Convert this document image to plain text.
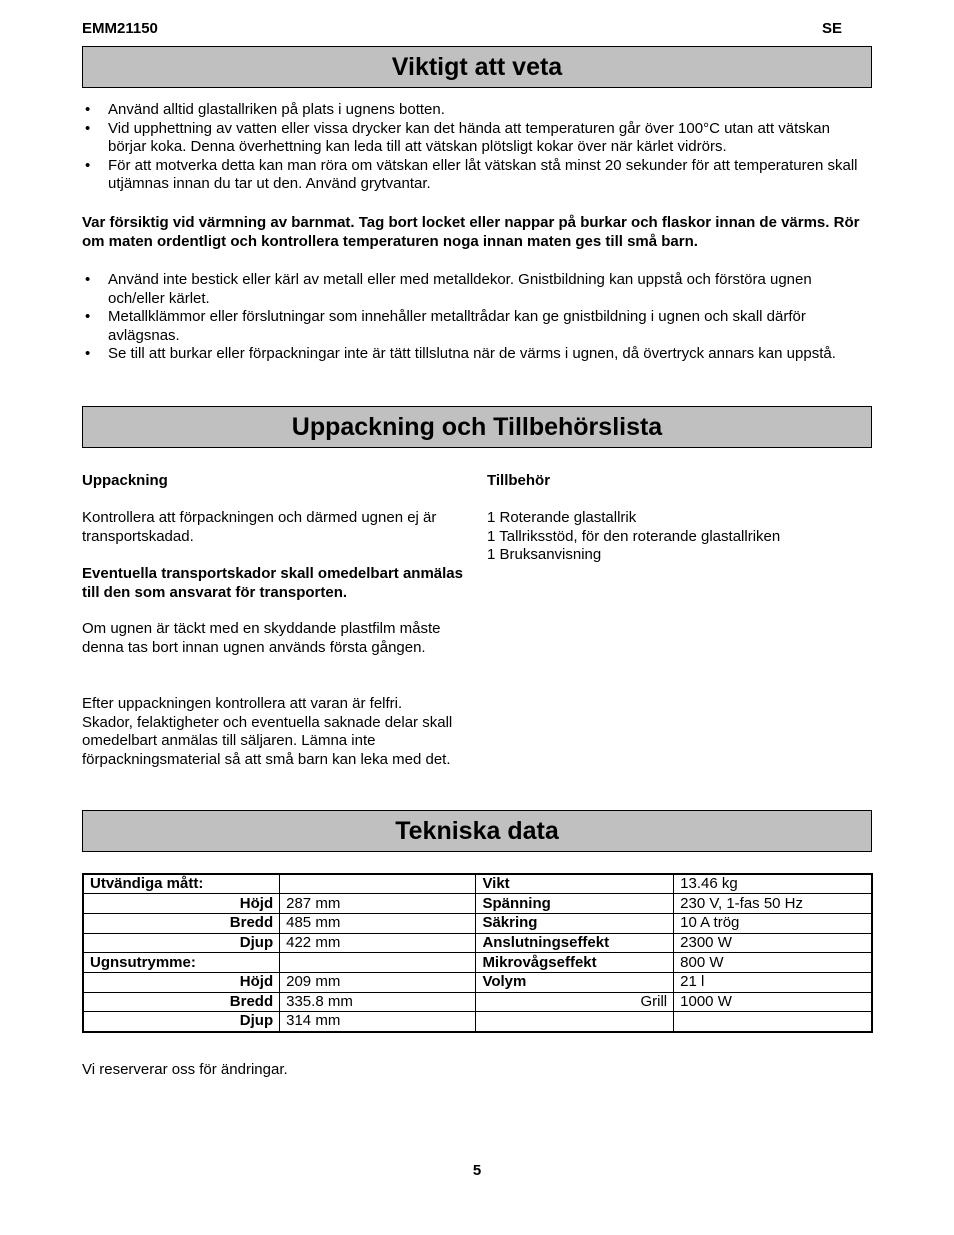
EMM21150	SE
Viktigt att veta
• Använd alltid glastallriken på plats i ugnens botten.
• Vid upphettning av vatten eller vissa drycker kan det hända att temperaturen går över 100°C utan att vätskan börjar koka. Denna överhettning kan leda till att vätskan plötsligt kokar över när kärlet vidrörs.
• För att motverka detta kan man röra om vätskan eller låt vätskan stå minst 20 sekunder för att temperaturen skall utjämnas innan du tar ut den. Använd grytvantar.
Var försiktig vid värmning av barnmat. Tag bort locket eller nappar på burkar och flaskor innan de värms. Rör om maten ordentligt och kontrollera temperaturen noga innan maten ges till små barn.
• Använd inte bestick eller kärl av metall eller med metalldekor. Gnistbildning kan uppstå och förstöra ugnen och/eller kärlet.
• Metallklämmor eller förslutningar som innehåller metalltrådar kan ge gnistbildning i ugnen och skall därför avlägsnas.
• Se till att burkar eller förpackningar inte är tätt tillslutna när de värms i ugnen, då övertryck annars kan uppstå.
Uppackning och Tillbehörslista
Uppackning
Kontrollera att förpackningen och därmed ugnen ej är transportskadad.
Eventuella transportskador skall omedelbart anmälas till den som ansvarat för transporten.
Om ugnen är täckt med en skyddande plastfilm måste denna tas bort innan ugnen används första gången.
Efter uppackningen kontrollera att varan är felfri. Skador, felaktigheter och eventuella saknade delar skall omedelbart anmälas till säljaren. Lämna inte förpackningsmaterial så att små barn kan leka med det.
Tillbehör
1 Roterande glastallrik
1 Tallriksstöd, för den roterande glastallriken
1 Bruksanvisning
Tekniska data
Utvändiga mått:		Vikt	13.46 kg
Höjd	287 mm	Spänning	230 V, 1-fas 50 Hz
Bredd	485 mm	Säkring	10 A trög
Djup	422 mm	Anslutningseffekt	2300 W
Ugnsutrymme:		Mikrovågseffekt	800 W
Höjd	209 mm	Volym	21 l
Bredd	335.8 mm	Grill	1000 W
Djup	314 mm		
Vi reserverar oss för ändringar.
5
